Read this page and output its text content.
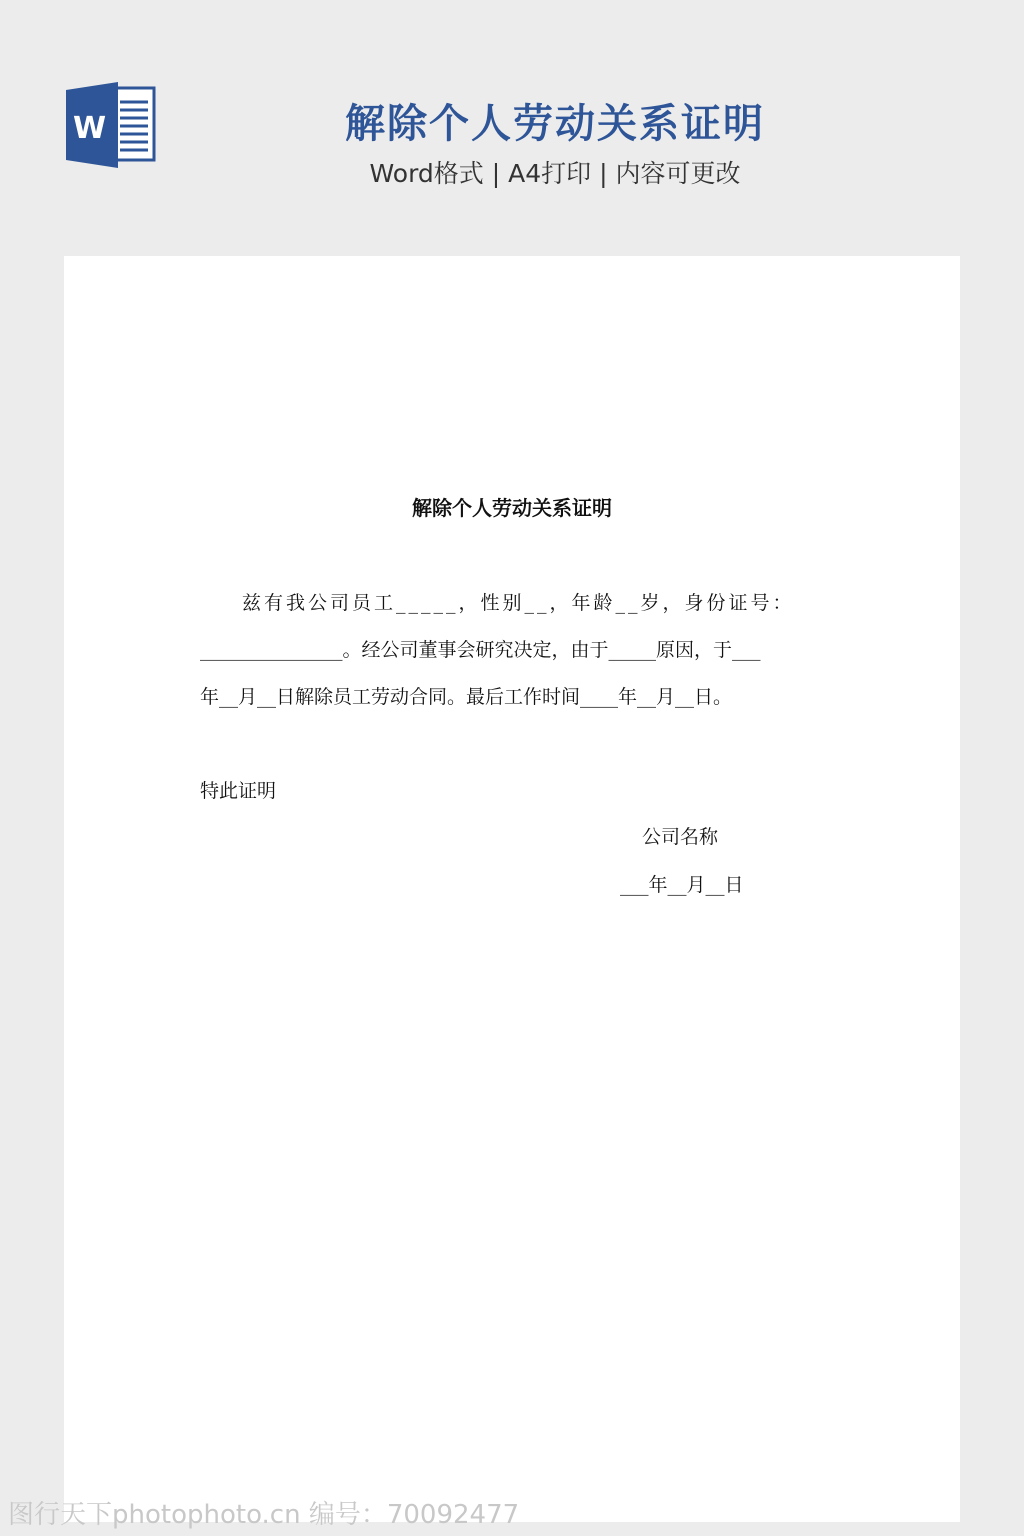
W	解除个人劳动关系证明
Word格式 | A4打印 | 内容可更改
解除个人劳动关系证明
兹有我公司员工_____，性别__，年龄__岁，身份证号：
_______________。经公司董事会研究决定，由于_____原因，于___
年__月__日解除员工劳动合同。最后工作时间____年__月__日。
特此证明
公司名称
___年__月__日
图行天下photophoto.cn 编号：70092477
